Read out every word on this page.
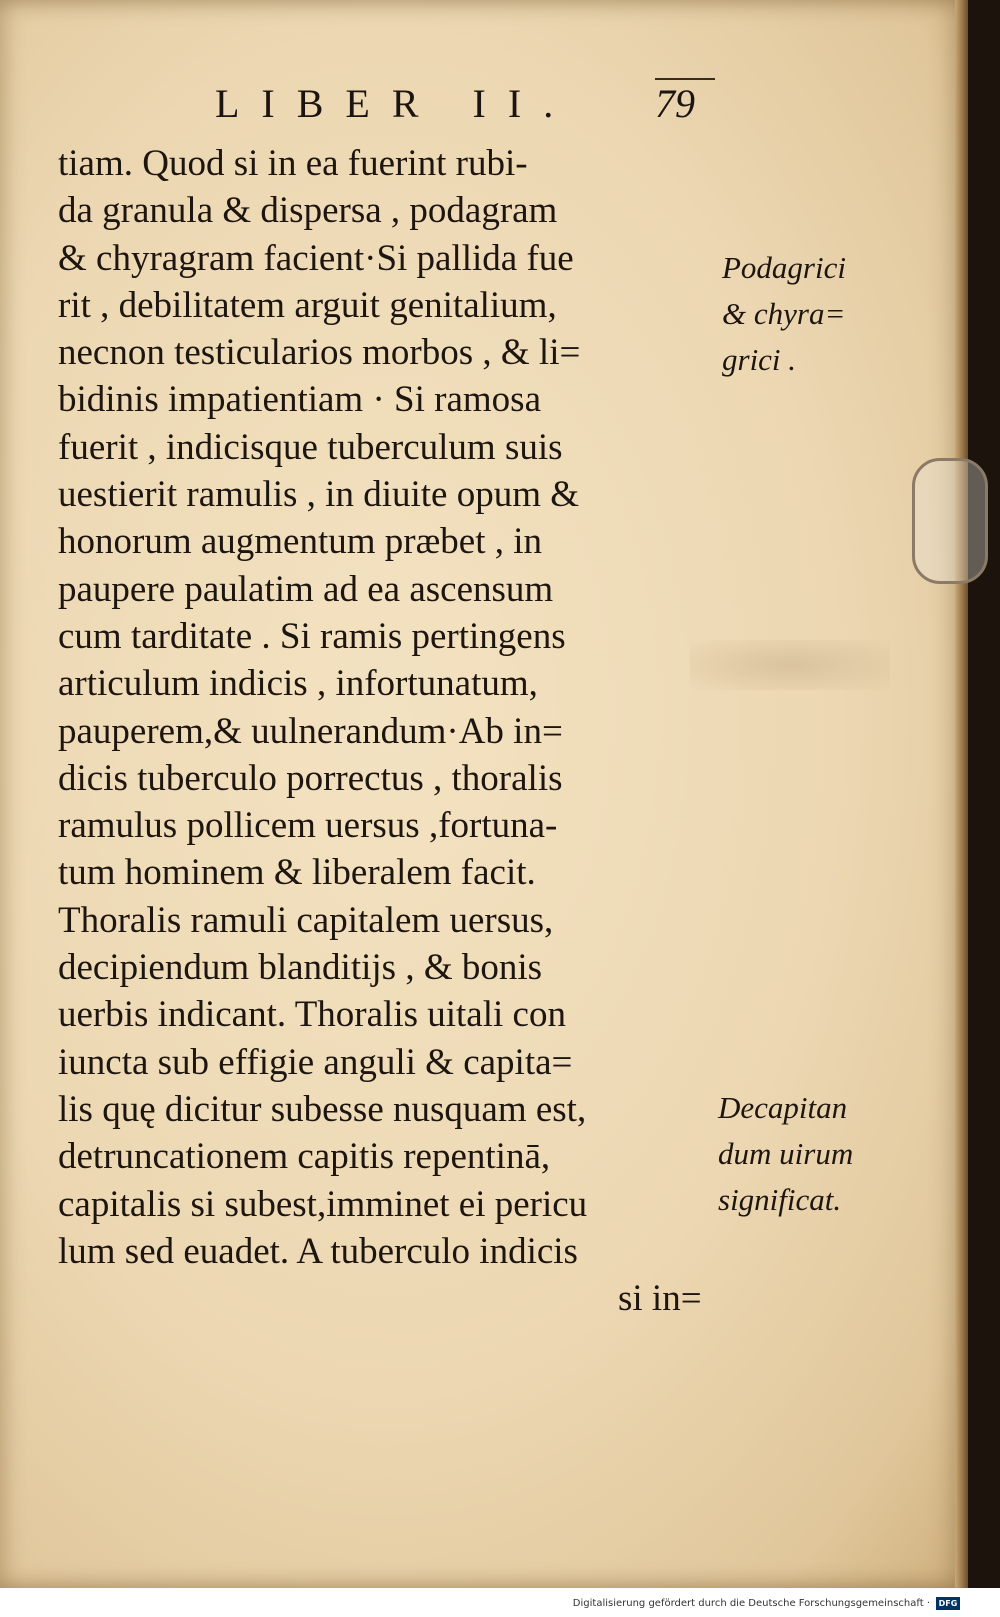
LIBER II. 79
tiam. Quod si in ea fuerint rubi-
da granula & dispersa , podagram
& chyragram facient·Si pallida fue
rit , debilitatem arguit genitalium,
necnon testicularios morbos , & li=
bidinis impatientiam · Si ramosa
fuerit , indicisque tuberculum suis
uestierit ramulis , in diuite opum &
honorum augmentum præbet , in
paupere paulatim ad ea ascensum
cum tarditate . Si ramis pertingens
articulum indicis , infortunatum,
pauperem,& uulnerandum·Ab in=
dicis tuberculo porrectus , thoralis
ramulus pollicem uersus ,fortuna-
tum hominem & liberalem facit.
Thoralis ramuli capitalem uersus,
decipiendum blanditijs , & bonis
uerbis indicant. Thoralis uitali con
iuncta sub effigie anguli & capita=
lis quę dicitur subesse nusquam est,
detruncationem capitis repentinā,
capitalis si subest,imminet ei pericu
lum sed euadet. A tuberculo indicis
si in=
Podagrici
& chyra=
grici .
Decapitan
dum uirum
significat.
Digitalisierung gefördert durch die Deutsche Forschungsgemeinschaft ·	DFG
